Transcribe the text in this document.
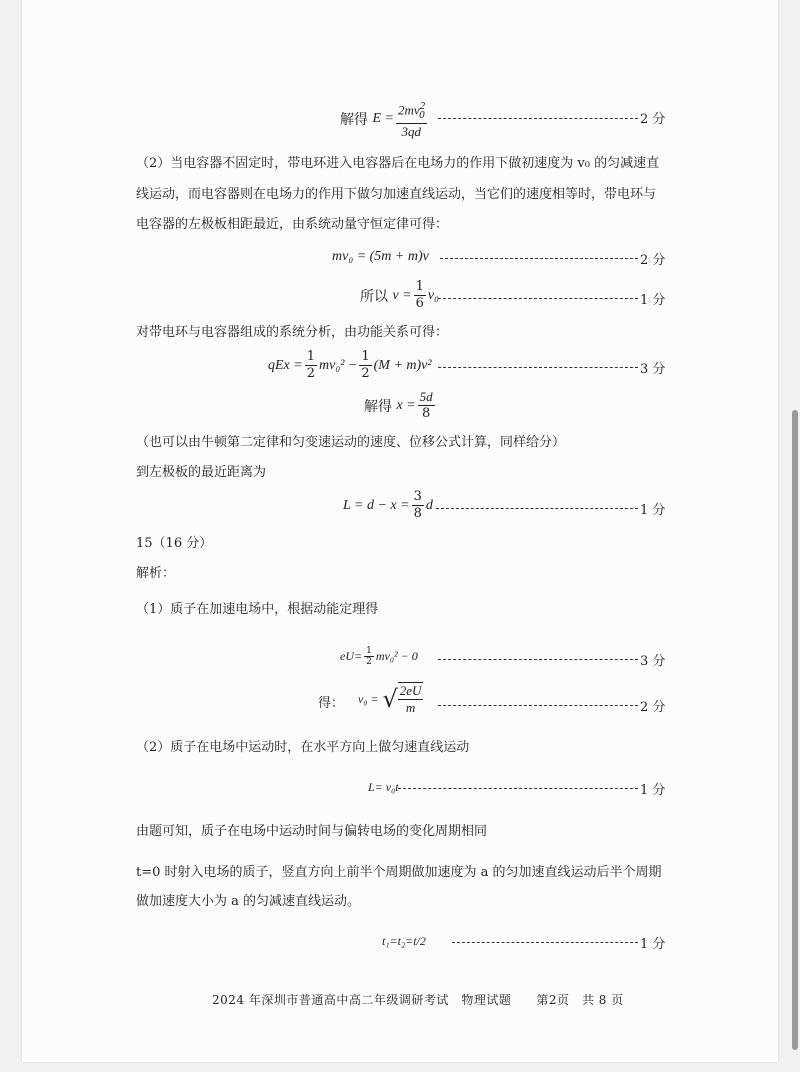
解得
$E = \frac{2mv^2_0}{3qd}$	2 分
（2）当电容器不固定时，带电环进入电容器后在电场力的作用下做初速度为 v₀ 的匀减速直
线运动，而电容器则在电场力的作用下做匀加速直线运动，当它们的速度相等时，带电环与
电容器的左极板相距最近，由系统动量守恒定律可得：
mv₀ = (5m + m)v	2 分
所以
$v = \frac{1}{6} v_0$	1 分
对带电环与电容器组成的系统分析，由功能关系可得：
qEx = $\frac{1}{2} mv_0^2 - \frac{1}{2} (M + m)v^2$	3 分
解得
$x = \frac{5d}{8}$
（也可以由牛顿第二定律和匀变速运动的速度、位移公式计算，同样给分）
到左极板的最近距离为
$L = d - x = \frac{3}{8}$ d	1 分
15（16 分）
解析：
（1）质子在加速电场中，根据动能定理得
$eU= \frac{1}{2} mv_0^2 - 0$	3 分
得： v₀ =
√ $\frac{2eU}{m}$	2 分
（2）质子在电场中运动时，在水平方向上做匀速直线运动
L= v₀t	1 分
由题可知，质子在电场中运动时间与偏转电场的变化周期相同
t=0 时射入电场的质子，竖直方向上前半个周期做加速度为 a 的匀加速直线运动后半个周期
做加速度大小为 a 的匀减速直线运动。
t₁=t₂=t/2	1 分
2024 年深圳市普通高中高二年级调研考试　物理试题　　第2页　共 8 页
